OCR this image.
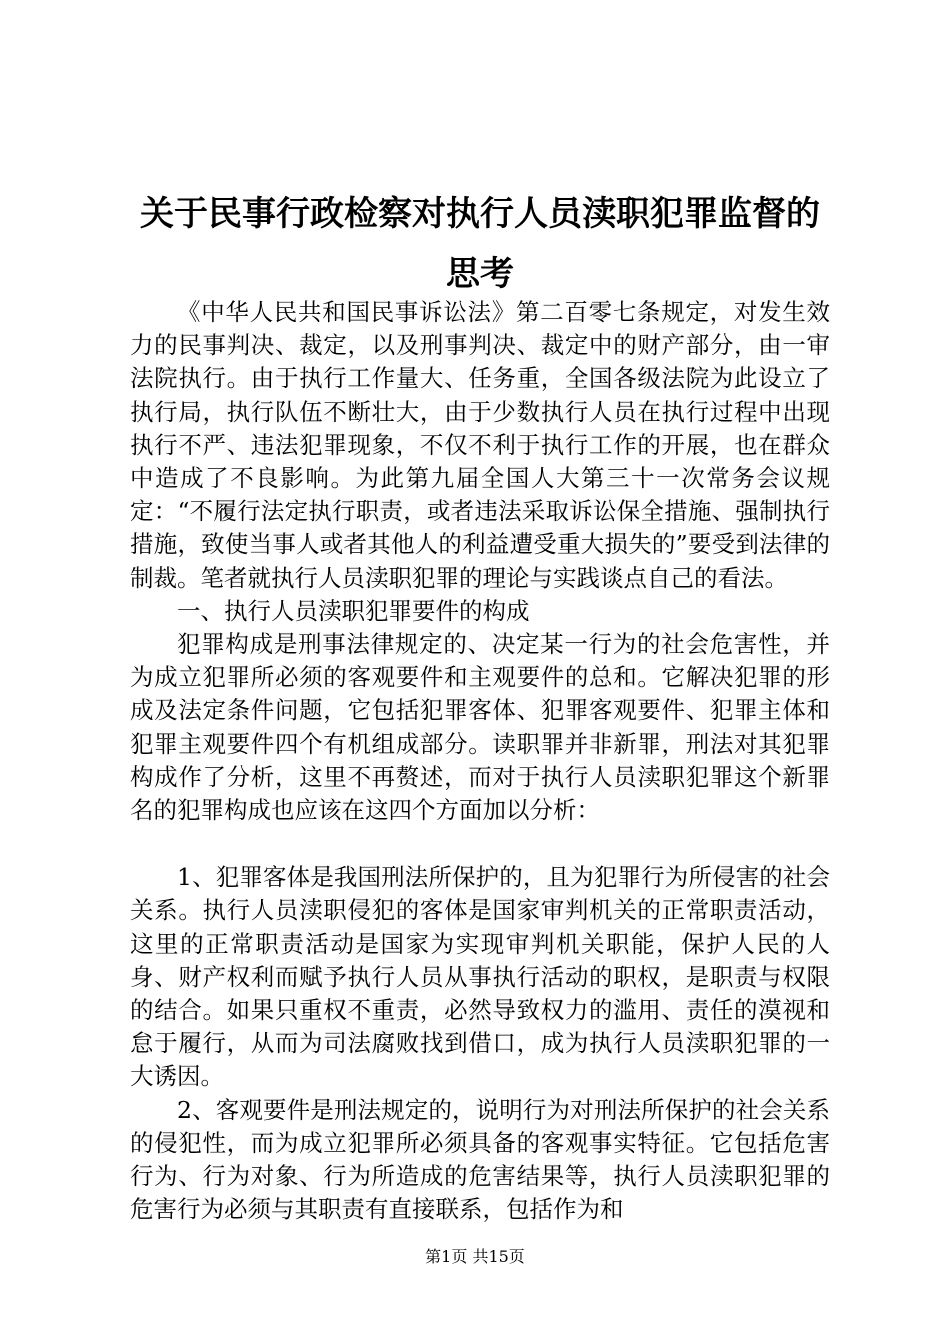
关于民事行政检察对执行人员渎职犯罪监督的
思考

《中华人民共和国民事诉讼法》第二百零七条规定，对发生效力的民事判决、裁定，以及刑事判决、裁定中的财产部分，由一审法院执行。由于执行工作量大、任务重，全国各级法院为此设立了执行局，执行队伍不断壮大，由于少数执行人员在执行过程中出现执行不严、违法犯罪现象，不仅不利于执行工作的开展，也在群众中造成了不良影响。为此第九届全国人大第三十一次常务会议规定：“不履行法定执行职责，或者违法采取诉讼保全措施、强制执行措施，致使当事人或者其他人的利益遭受重大损失的”要受到法律的制裁。笔者就执行人员渎职犯罪的理论与实践谈点自己的看法。

一、执行人员渎职犯罪要件的构成

犯罪构成是刑事法律规定的、决定某一行为的社会危害性，并为成立犯罪所必须的客观要件和主观要件的总和。它解决犯罪的形成及法定条件问题，它包括犯罪客体、犯罪客观要件、犯罪主体和犯罪主观要件四个有机组成部分。读职罪并非新罪，刑法对其犯罪构成作了分析，这里不再赘述，而对于执行人员渎职犯罪这个新罪名的犯罪构成也应该在这四个方面加以分析：

1、犯罪客体是我国刑法所保护的，且为犯罪行为所侵害的社会关系。执行人员渎职侵犯的客体是国家审判机关的正常职责活动，这里的正常职责活动是国家为实现审判机关职能，保护人民的人身、财产权利而赋予执行人员从事执行活动的职权，是职责与权限的结合。如果只重权不重责，必然导致权力的滥用、责任的漠视和怠于履行，从而为司法腐败找到借口，成为执行人员渎职犯罪的一大诱因。

2、客观要件是刑法规定的，说明行为对刑法所保护的社会关系的侵犯性，而为成立犯罪所必须具备的客观事实特征。它包括危害行为、行为对象、行为所造成的危害结果等，执行人员渎职犯罪的危害行为必须与其职责有直接联系，包括作为和

第1页 共15页
